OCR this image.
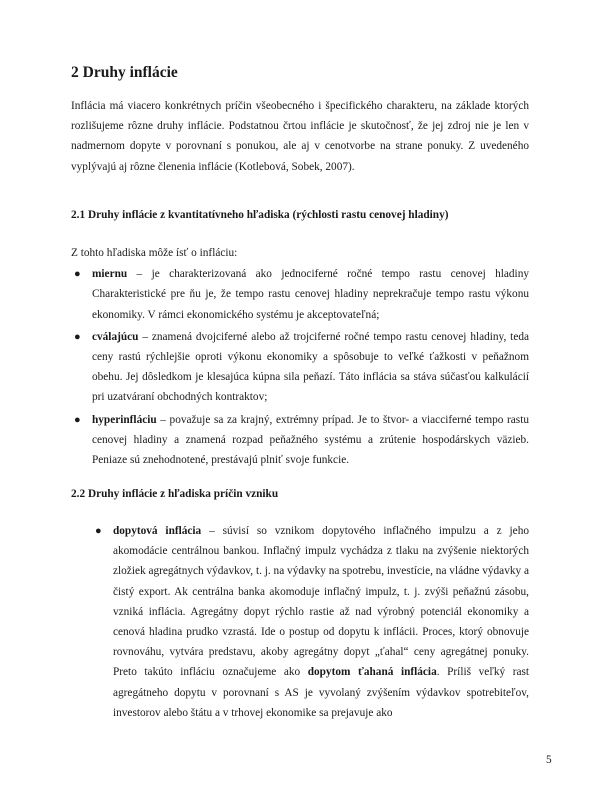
2 Druhy inflácie

Inflácia má viacero konkrétnych príčin všeobecného i špecifického charakteru, na základe ktorých rozlišujeme rôzne druhy inflácie. Podstatnou črtou inflácie je skutočnosť, že jej zdroj nie je len v nadmernom dopyte v porovnaní s ponukou, ale aj v cenotvorbe na strane ponuky. Z uvedeného vyplývajú aj rôzne členenia inflácie (Kotlebová, Sobek, 2007).

2.1 Druhy inflácie z kvantitatívneho hľadiska (rýchlosti rastu cenovej hladiny)

Z tohto hľadiska môže ísť o infláciu:

● miernu – je charakterizovaná ako jednociferné ročné tempo rastu cenovej hladiny Charakteristické pre ňu je, že tempo rastu cenovej hladiny neprekračuje tempo rastu výkonu ekonomiky. V rámci ekonomického systému je akceptovateľná;
● cválajúcu – znamená dvojciferné alebo až trojciferné ročné tempo rastu cenovej hladiny, teda ceny rastú rýchlejšie oproti výkonu ekonomiky a spôsobuje to veľké ťažkosti v peňažnom obehu. Jej dôsledkom je klesajúca kúpna sila peňazí. Táto inflácia sa stáva súčasťou kalkulácií pri uzatváraní obchodných kontraktov;
● hyperinfláciu – považuje sa za krajný, extrémny prípad. Je to štvor- a viacciferné tempo rastu cenovej hladiny a znamená rozpad peňažného systému a zrútenie hospodárskych väzieb. Peniaze sú znehodnotené, prestávajú plniť svoje funkcie.
2.2 Druhy inflácie z hľadiska príčin vzniku
● dopytová inflácia – súvisí so vznikom dopytového inflačného impulzu a z jeho akomodácie centrálnou bankou. Inflačný impulz vychádza z tlaku na zvýšenie niektorých zložiek agregátnych výdavkov, t. j. na výdavky na spotrebu, investície, na vládne výdavky a čistý export. Ak centrálna banka akomoduje inflačný impulz, t. j. zvýši peňažnú zásobu, vzniká inflácia. Agregátny dopyt rýchlo rastie až nad výrobný potenciál ekonomiky a cenová hladina prudko vzrastá. Ide o postup od dopytu k inflácii. Proces, ktorý obnovuje rovnováhu, vytvára predstavu, akoby agregátny dopyt „ťahal“ ceny agregátnej ponuky. Preto takúto infláciu označujeme ako dopytom ťahaná inflácia. Príliš veľký rast agregátneho dopytu v porovnaní s AS je vyvolaný zvýšením výdavkov spotrebiteľov, investorov alebo štátu a v trhovej ekonomike sa prejavuje ako
5
